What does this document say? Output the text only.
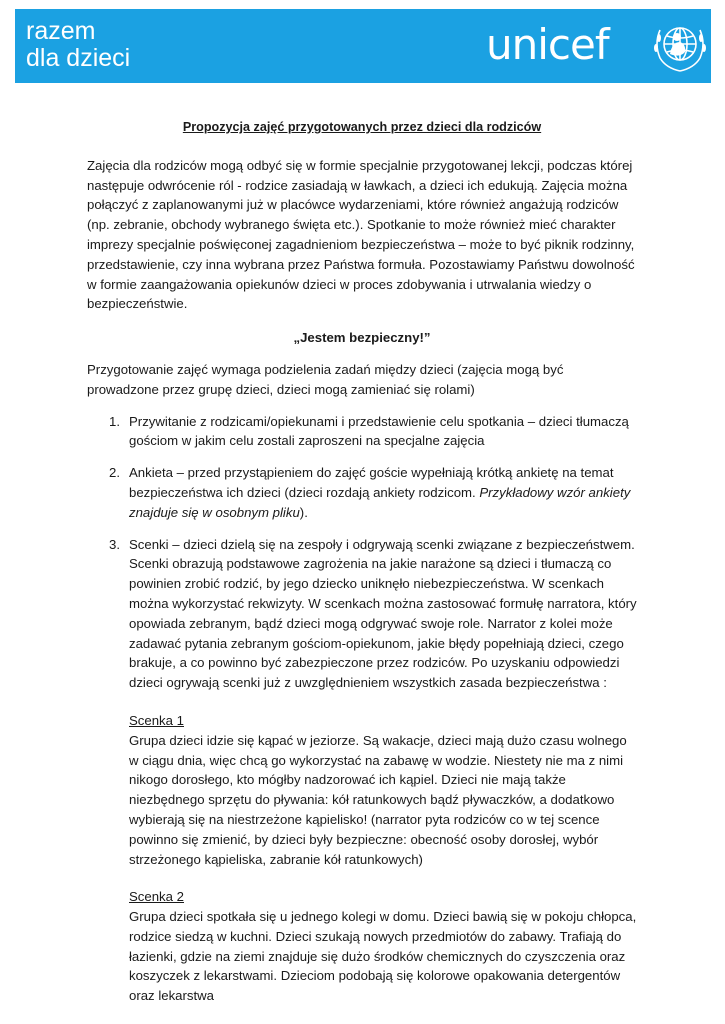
razem
dla dzieci	unicef
Propozycja zajęć przygotowanych przez dzieci dla rodziców

Zajęcia dla rodziców mogą odbyć się w formie specjalnie przygotowanej lekcji, podczas której następuje odwrócenie ról - rodzice zasiadają w ławkach, a dzieci ich edukują. Zajęcia można połączyć z zaplanowanymi już w placówce wydarzeniami, które również angażują rodziców (np. zebranie, obchody wybranego święta etc.). Spotkanie to może również mieć charakter imprezy specjalnie poświęconej zagadnieniom bezpieczeństwa – może to być piknik rodzinny, przedstawienie, czy inna wybrana przez Państwa formuła. Pozostawiamy Państwu dowolność w formie zaangażowania opiekunów dzieci w proces zdobywania i utrwalania wiedzy o bezpieczeństwie.

„Jestem bezpieczny!”

Przygotowanie zajęć wymaga podzielenia zadań między dzieci (zajęcia mogą być prowadzone przez grupę dzieci, dzieci mogą zamieniać się rolami)

1. Przywitanie z rodzicami/opiekunami i przedstawienie celu spotkania – dzieci tłumaczą gościom w jakim celu zostali zaproszeni na specjalne zajęcia
2. Ankieta – przed przystąpieniem do zajęć goście wypełniają krótką ankietę na temat bezpieczeństwa ich dzieci (dzieci rozdają ankiety rodzicom. Przykładowy wzór ankiety znajduje się w osobnym pliku).
3. Scenki – dzieci dzielą się na zespoły i odgrywają scenki związane z bezpieczeństwem. Scenki obrazują podstawowe zagrożenia na jakie narażone są dzieci i tłumaczą co powinien zrobić rodzić, by jego dziecko uniknęło niebezpieczeństwa. W scenkach można wykorzystać rekwizyty. W scenkach można zastosować formułę narratora, który opowiada zebranym, bądź dzieci mogą odgrywać swoje role. Narrator z kolei może zadawać pytania zebranym gościom-opiekunom, jakie błędy popełniają dzieci, czego brakuje, a co powinno być zabezpieczone przez rodziców. Po uzyskaniu odpowiedzi dzieci ogrywają scenki już z uwzględnieniem wszystkich zasada bezpieczeństwa :
Scenka 1
Grupa dzieci idzie się kąpać w jeziorze. Są wakacje, dzieci mają dużo czasu wolnego w ciągu dnia, więc chcą go wykorzystać na zabawę w wodzie. Niestety nie ma z nimi nikogo dorosłego, kto mógłby nadzorować ich kąpiel. Dzieci nie mają także niezbędnego sprzętu do pływania: kół ratunkowych bądź pływaczków, a dodatkowo wybierają się na niestrzeżone kąpielisko! (narrator pyta rodziców co w tej scence powinno się zmienić, by dzieci były bezpieczne: obecność osoby dorosłej, wybór strzeżonego kąpieliska, zabranie kół ratunkowych)
Scenka 2
Grupa dzieci spotkała się u jednego kolegi w domu. Dzieci bawią się w pokoju chłopca, rodzice siedzą w kuchni. Dzieci szukają nowych przedmiotów do zabawy. Trafiają do łazienki, gdzie na ziemi znajduje się dużo środków chemicznych do czyszczenia oraz koszyczek z lekarstwami. Dzieciom podobają się kolorowe opakowania detergentów oraz lekarstwa
